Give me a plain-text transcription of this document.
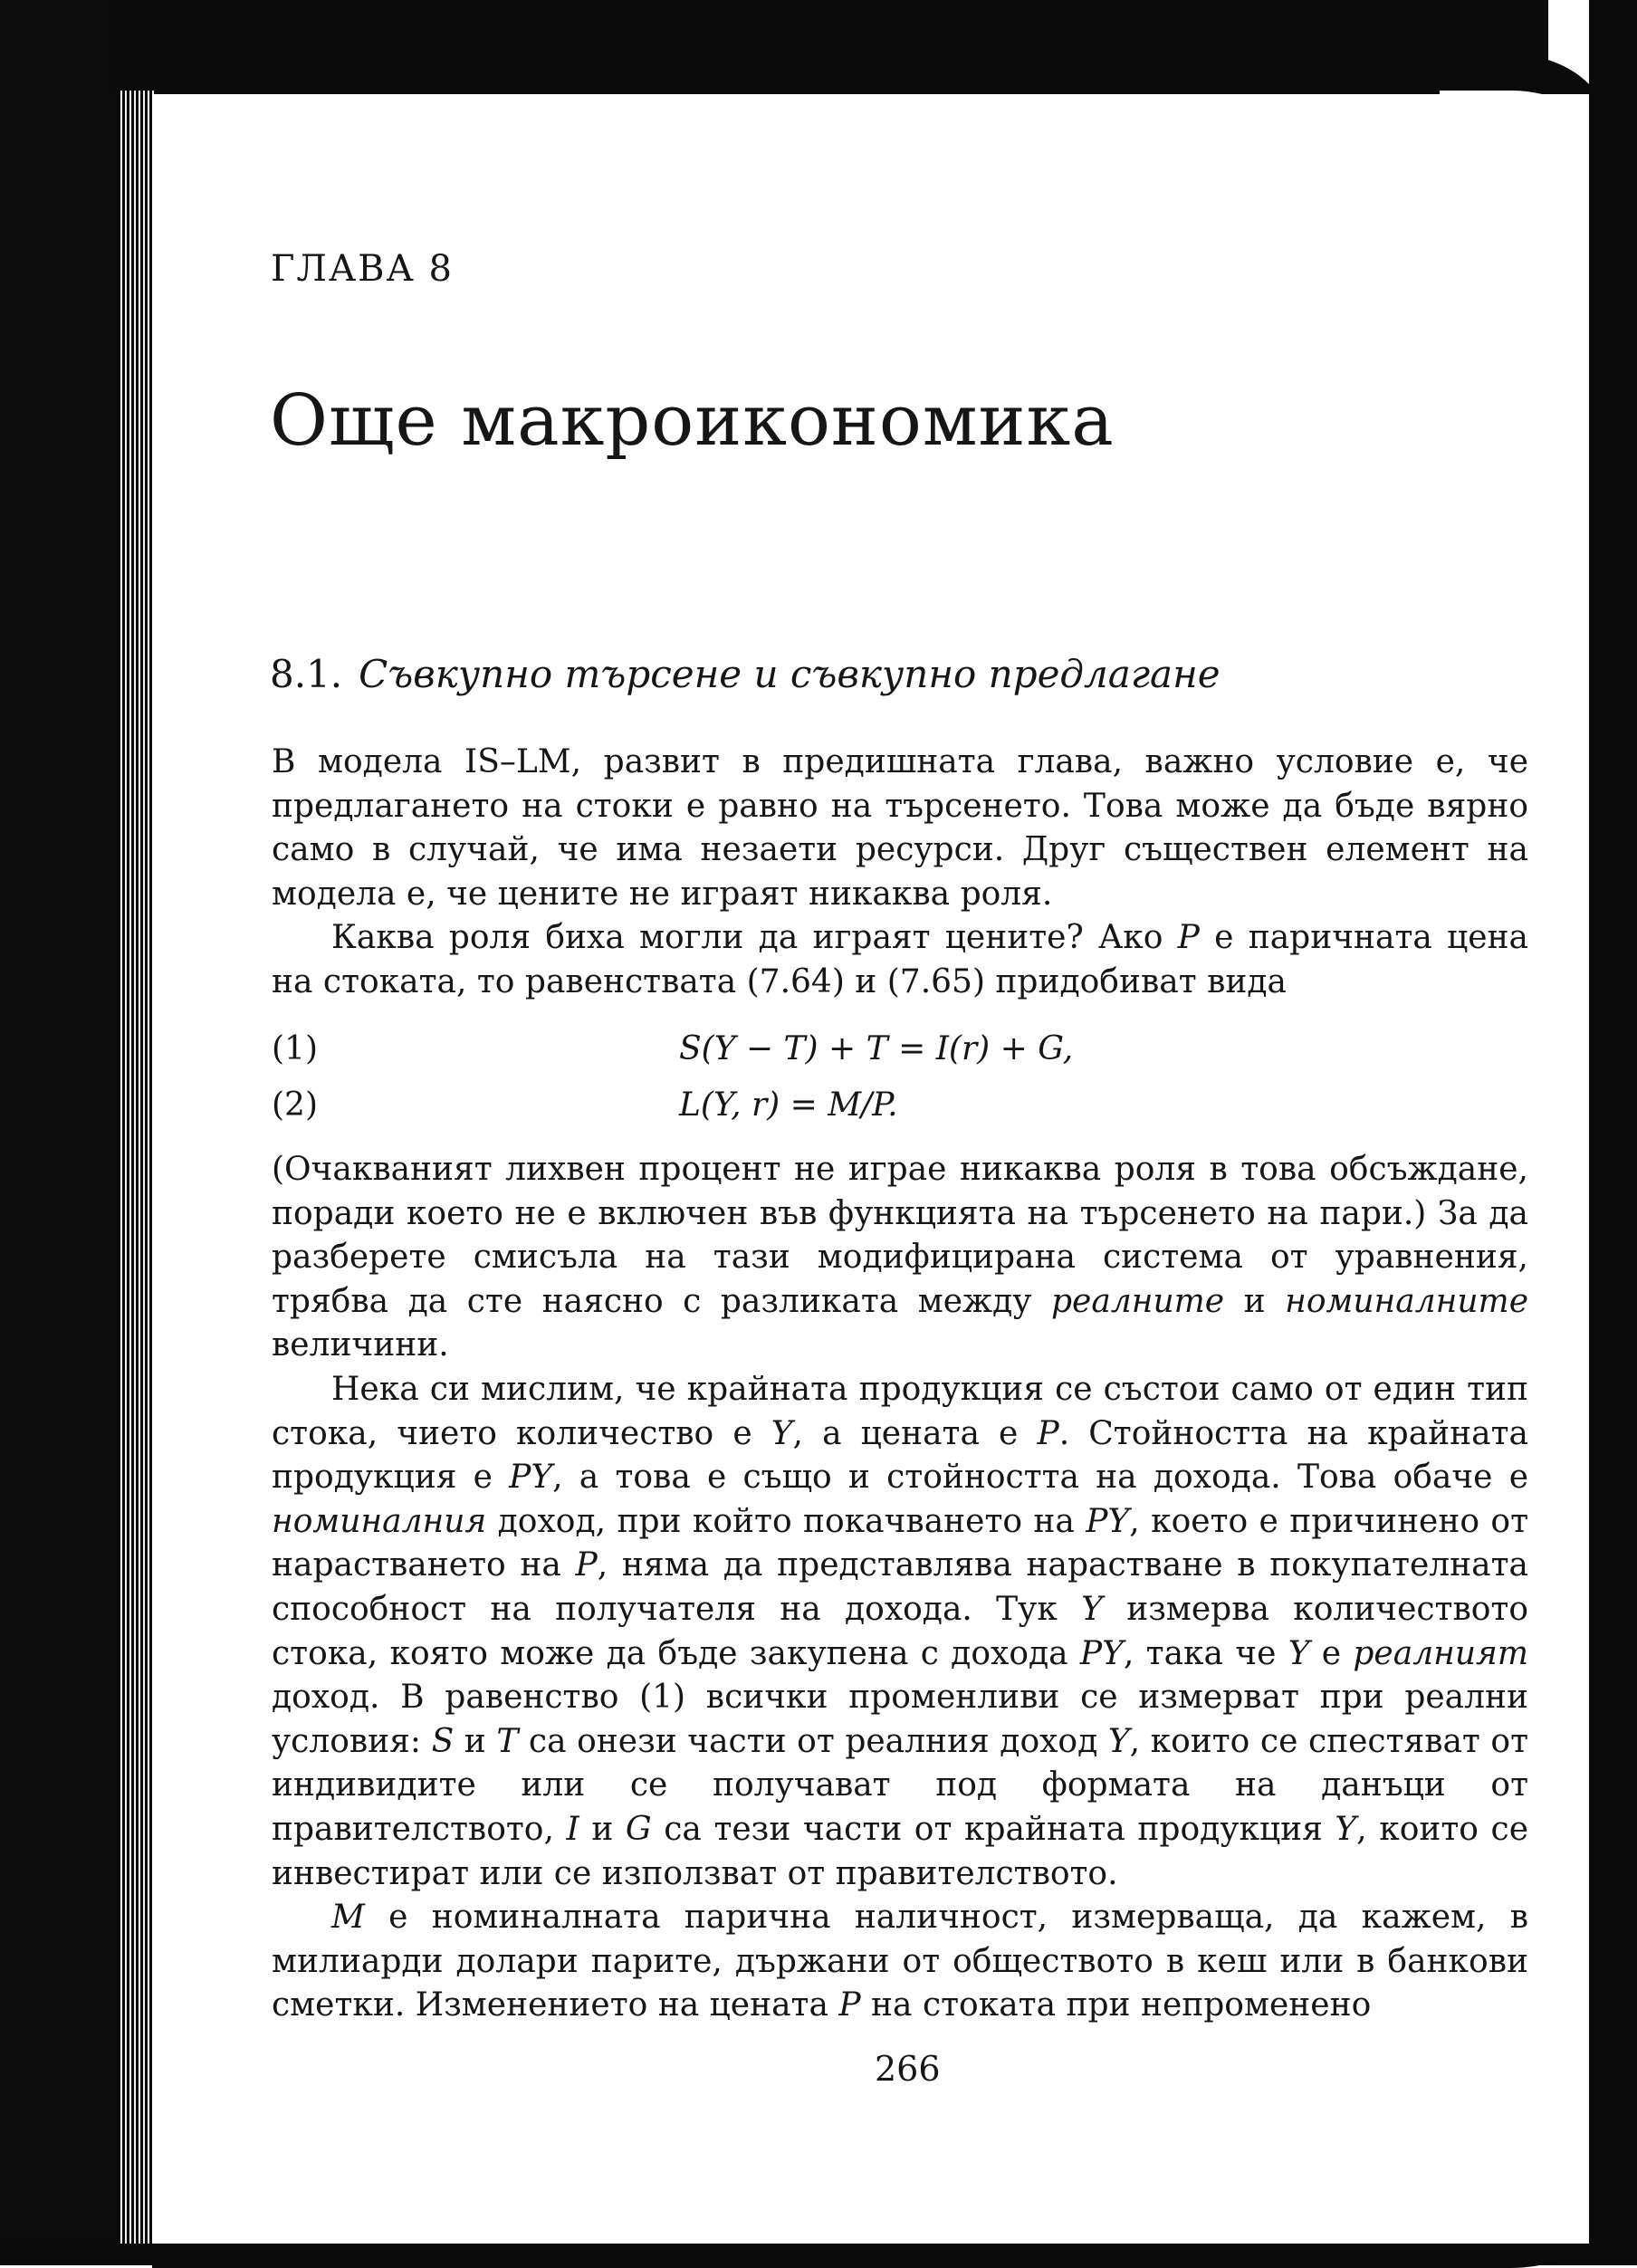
ГЛАВА 8
Още макроикономика
8.1. Съвкупно търсене и съвкупно предлагане

В модела IS–LM, развит в предишната глава, важно условие е, че предлагането на стоки е равно на търсенето. Това може да бъде вярно само в случай, че има незаети ресурси. Друг съществен елемент на модела е, че цените не играят никаква роля.

Каква роля биха могли да играят цените? Ако P е паричната цена на стоката, то равенствата (7.64) и (7.65) придобиват вида

(1)	S(Y − T) + T = I(r) + G,
(2)	L(Y, r) = M/P.

(Очакваният лихвен процент не играе никаква роля в това обсъждане, поради което не е включен във функцията на търсенето на пари.) За да разберете смисъла на тази модифицирана система от уравнения, трябва да сте наясно с разликата между реалните и номиналните величини.

Нека си мислим, че крайната продукция се състои само от един тип стока, чието количество е Y, а цената е P. Стойността на крайната продукция е PY, а това е също и стойността на дохода. Това обаче е номиналния доход, при който покачването на PY, което е причинено от нарастването на P, няма да представлява нарастване в покупателната способност на получателя на дохода. Тук Y измерва количеството стока, която може да бъде закупена с дохода PY, така че Y е реалният доход. В равенство (1) всички променливи се измерват при реални условия: S и T са онези части от реалния доход Y, които се спестяват от индивидите или се получават под формата на данъци от правителството, I и G са тези части от крайната продукция Y, които се инвестират или се използват от правителството.

M е номиналната парична наличност, измерваща, да кажем, в милиарди долари парите, държани от обществото в кеш или в банкови сметки. Изменението на цената P на стоката при непроменено

266
